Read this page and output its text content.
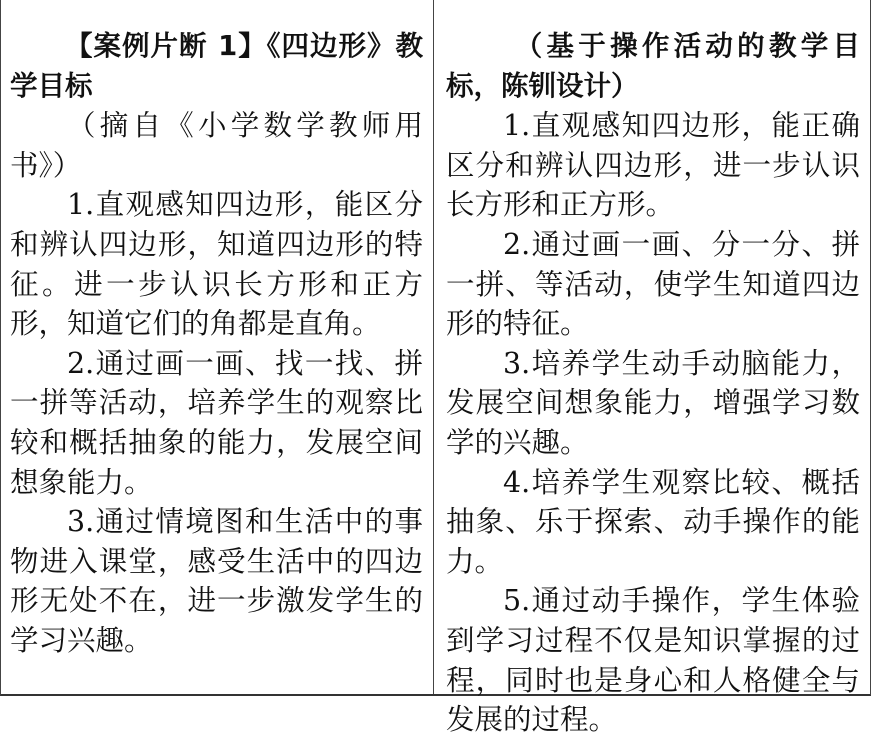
【案例片断 1】《四边形》教学目标

（摘自《小学数学教师用书》）

1.直观感知四边形，能区分和辨认四边形，知道四边形的特征。进一步认识长方形和正方形，知道它们的角都是直角。

2.通过画一画、找一找、拼一拼等活动，培养学生的观察比较和概括抽象的能力，发展空间想象能力。

3.通过情境图和生活中的事物进入课堂，感受生活中的四边形无处不在，进一步激发学生的学习兴趣。

（基于操作活动的教学目标，陈钏设计）

1.直观感知四边形，能正确区分和辨认四边形，进一步认识长方形和正方形。

2.通过画一画、分一分、拼一拼、等活动，使学生知道四边形的特征。

3.培养学生动手动脑能力，发展空间想象能力，增强学习数学的兴趣。

4.培养学生观察比较、概括抽象、乐于探索、动手操作的能力。

5.通过动手操作，学生体验到学习过程不仅是知识掌握的过程，同时也是身心和人格健全与发展的过程。
